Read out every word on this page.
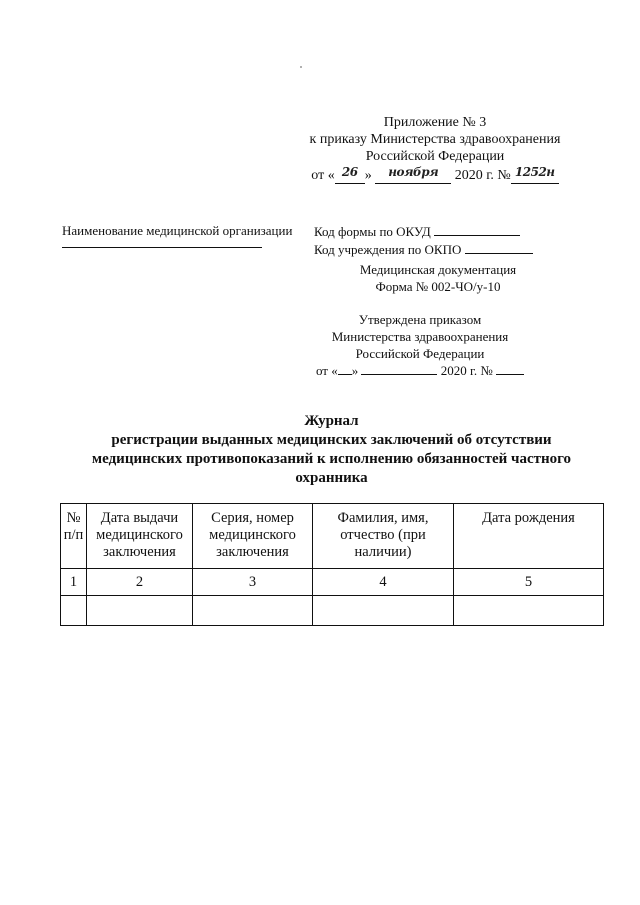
Приложение № 3
к приказу Министерства здравоохранения
Российской Федерации
от « 26 » ноября 2020 г. № 1252н
Наименование медицинской организации	Код формы по ОКУД
Код учреждения по ОКПО
Медицинская документация
Форма № 002-ЧО/у-10
Утверждена приказом
Министерства здравоохранения
Российской Федерации
от « »	2020 г. №
Журнал
регистрации выданных медицинских заключений об отсутствии
медицинских противопоказаний к исполнению обязанностей частного
охранника
№ п/п	Дата выдачи медицинского заключения	Серия, номер медицинского заключения	Фамилия, имя, отчество (при наличии)	Дата рождения
1	2	3	4	5
